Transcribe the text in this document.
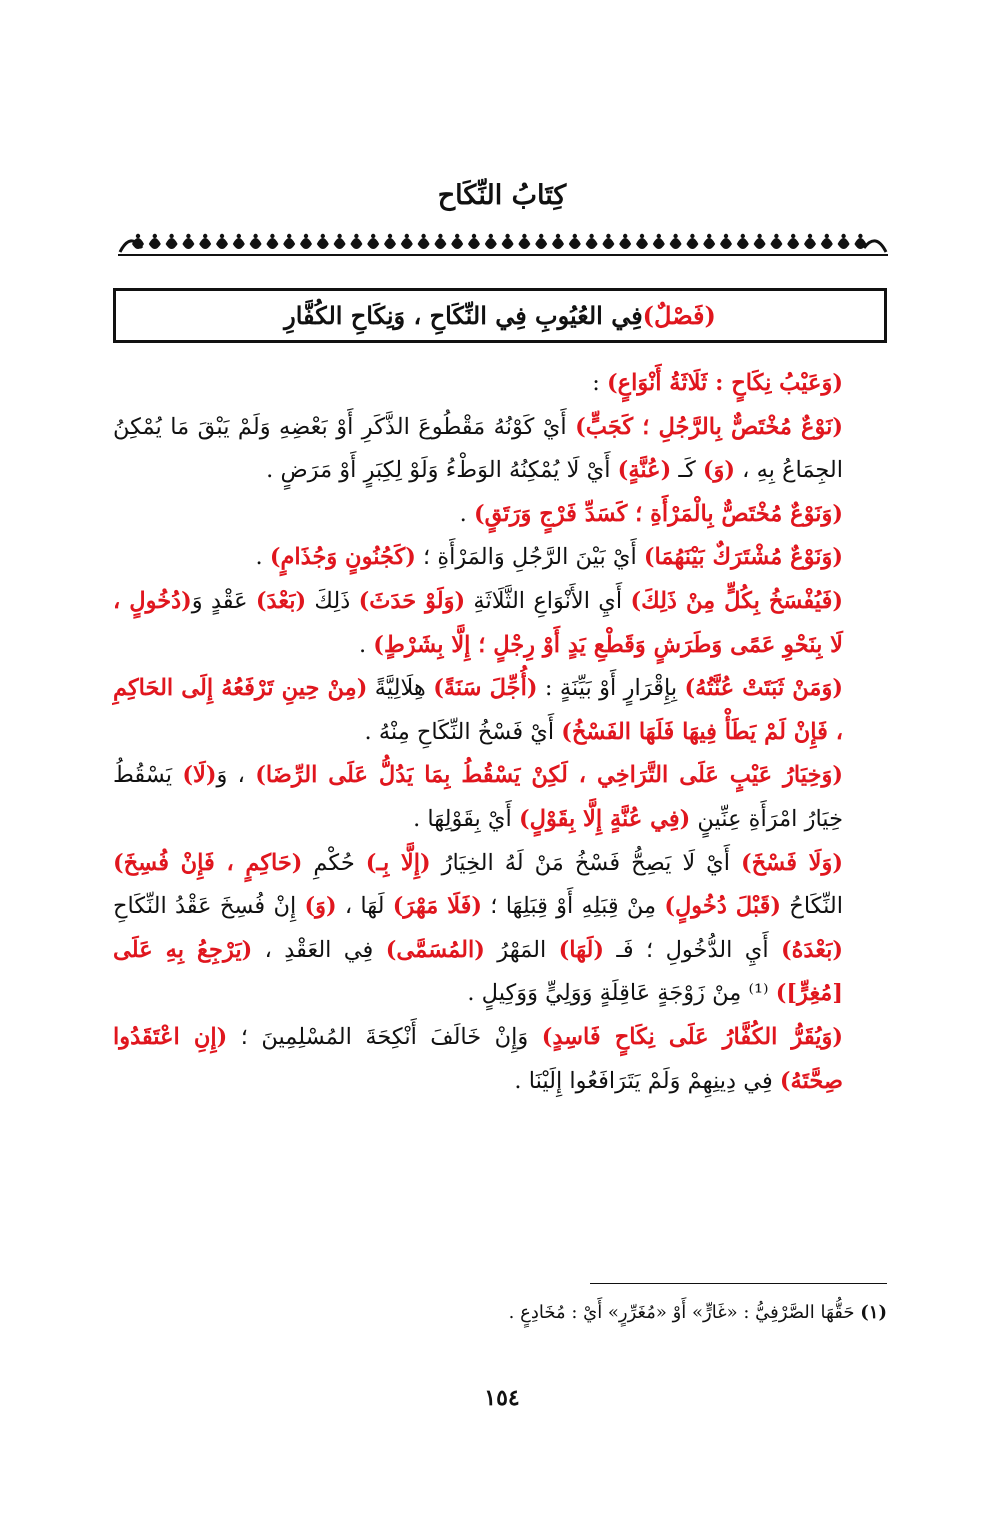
كِتَابُ النِّكَاح
(فَصْلٌ)
فِي العُيُوبِ فِي النِّكَاحِ ، وَنِكَاحِ الكُفَّارِ

(وَعَيْبُ نِكَاحٍ : ثَلَاثَةُ أَنْوَاعٍ) :

(نَوْعٌ مُخْتَصٌّ بِالرَّجُلِ ؛ كَجَبٍّ) أَيْ كَوْنُهُ مَقْطُوعَ الذَّكَرِ أَوْ بَعْضِهِ وَلَمْ يَبْقَ مَا يُمْكِنُ الجِمَاعُ بِهِ ، (وَ) كَـ (عُنَّةٍ) أَيْ لَا يُمْكِنُهُ الوَطْءُ وَلَوْ لِكِبَرٍ أَوْ مَرَضٍ .

(وَنَوْعٌ مُخْتَصٌّ بِالْمَرْأَةِ ؛ كَسَدِّ فَرْجٍ وَرَتَقٍ) .

(وَنَوْعٌ مُشْتَرَكٌ بَيْنَهُمَا) أَيْ بَيْنَ الرَّجُلِ وَالمَرْأَةِ ؛ (كَجُنُونٍ وَجُذَامٍ) .

(فَيُفْسَخُ بِكُلٍّ مِنْ ذَلِكَ) أَيِ الأَنْوَاعِ الثَّلَاثَةِ (وَلَوْ حَدَثَ) ذَلِكَ (بَعْدَ) عَقْدٍ وَ(دُخُولٍ ، لَا بِنَحْوِ عَمًى وَطَرَشٍ وَقَطْعِ يَدٍ أَوْ رِجْلٍ ؛ إِلَّا بِشَرْطٍ) .

(وَمَنْ ثَبَتَتْ عُنَّتُهُ) بِإِقْرَارٍ أَوْ بَيِّنَةٍ : (أُجِّلَ سَنَةً) هِلَالِيَّةً (مِنْ حِينِ تَرْفَعُهُ إِلَى الحَاكِمِ ، فَإِنْ لَمْ يَطَأْ فِيهَا فَلَهَا الفَسْخُ) أَيْ فَسْخُ النِّكَاحِ مِنْهُ .

(وَخِيَارُ عَيْبٍ عَلَى التَّرَاخِي ، لَكِنْ يَسْقُطُ بِمَا يَدُلُّ عَلَى الرِّضَا) ، وَ(لَا) يَسْقُطُ خِيَارُ امْرَأَةِ عِنِّينٍ (فِي عُنَّةٍ إِلَّا بِقَوْلٍ) أَيْ بِقَوْلِهَا .

(وَلَا فَسْخَ) أَيْ لَا يَصِحُّ فَسْخُ مَنْ لَهُ الخِيَارُ (إِلَّا بِـ) حُكْمِ (حَاكِمٍ ، فَإِنْ فُسِخَ) النِّكَاحُ (قَبْلَ دُخُولٍ) مِنْ قِبَلِهِ أَوْ قِبَلِهَا ؛ (فَلَا مَهْرَ) لَهَا ، (وَ) إِنْ فُسِخَ عَقْدُ النِّكَاحِ (بَعْدَهُ) أَيِ الدُّخُولِ ؛ فَـ (لَهَا) المَهْرُ (المُسَمَّى) فِي العَقْدِ ، (يَرْجِعُ بِهِ عَلَى [مُغِرٍّ]) ⁽¹⁾ مِنْ زَوْجَةٍ عَاقِلَةٍ وَوَلِيٍّ وَوَكِيلٍ .

(وَيُقَرُّ الكُفَّارُ عَلَى نِكَاحٍ فَاسِدٍ) وَإِنْ خَالَفَ أَنْكِحَةَ المُسْلِمِينَ ؛ (إِنِ اعْتَقَدُوا صِحَّتَهُ) فِي دِينِهِمْ وَلَمْ يَتَرَافَعُوا إِلَيْنَا .

(١) حَقُّهَا الصَّرْفِيُّ : «غَارٍّ» أَوْ «مُغَرِّرٍ» أَيْ : مُخَادِعٍ .
١٥٤
